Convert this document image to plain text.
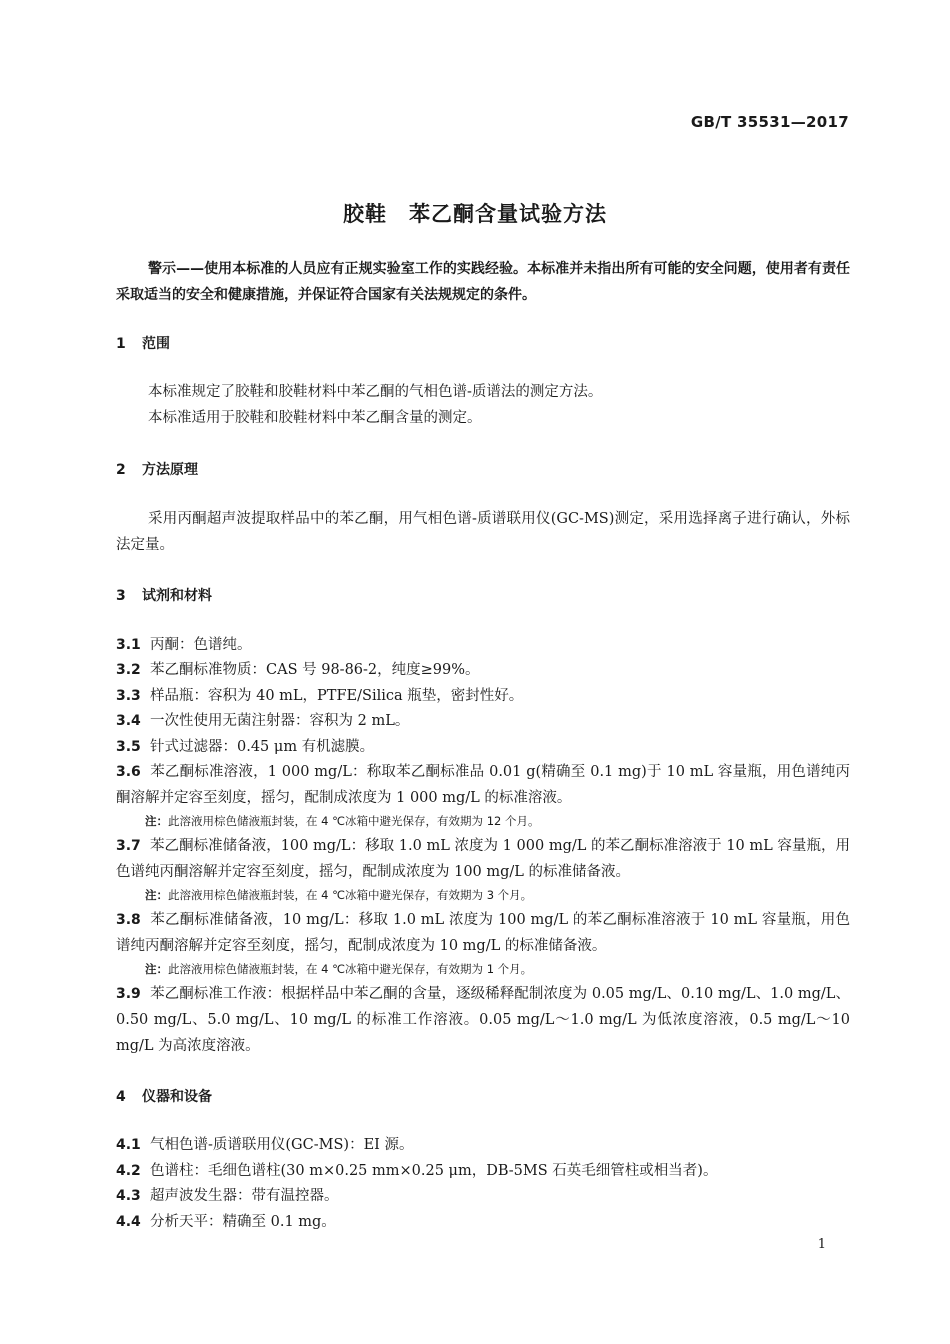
GB/T 35531—2017
胶鞋　苯乙酮含量试验方法
警示——使用本标准的人员应有正规实验室工作的实践经验。本标准并未指出所有可能的安全问题，使用者有责任采取适当的安全和健康措施，并保证符合国家有关法规规定的条件。
1 范围
本标准规定了胶鞋和胶鞋材料中苯乙酮的气相色谱-质谱法的测定方法。
本标准适用于胶鞋和胶鞋材料中苯乙酮含量的测定。
2 方法原理
采用丙酮超声波提取样品中的苯乙酮，用气相色谱-质谱联用仪(GC-MS)测定，采用选择离子进行确认，外标法定量。
3 试剂和材料
3.1 丙酮：色谱纯。
3.2 苯乙酮标准物质：CAS 号 98-86-2，纯度≥99%。
3.3 样品瓶：容积为 40 mL，PTFE/Silica 瓶垫，密封性好。
3.4 一次性使用无菌注射器：容积为 2 mL。
3.5 针式过滤器：0.45 μm 有机滤膜。
3.6 苯乙酮标准溶液，1 000 mg/L：称取苯乙酮标准品 0.01 g(精确至 0.1 mg)于 10 mL 容量瓶，用色谱纯丙酮溶解并定容至刻度，摇匀，配制成浓度为 1 000 mg/L 的标准溶液。
注：此溶液用棕色储液瓶封装，在 4 ℃冰箱中避光保存，有效期为 12 个月。
3.7 苯乙酮标准储备液，100 mg/L：移取 1.0 mL 浓度为 1 000 mg/L 的苯乙酮标准溶液于 10 mL 容量瓶，用色谱纯丙酮溶解并定容至刻度，摇匀，配制成浓度为 100 mg/L 的标准储备液。
注：此溶液用棕色储液瓶封装，在 4 ℃冰箱中避光保存，有效期为 3 个月。
3.8 苯乙酮标准储备液，10 mg/L：移取 1.0 mL 浓度为 100 mg/L 的苯乙酮标准溶液于 10 mL 容量瓶，用色谱纯丙酮溶解并定容至刻度，摇匀，配制成浓度为 10 mg/L 的标准储备液。
注：此溶液用棕色储液瓶封装，在 4 ℃冰箱中避光保存，有效期为 1 个月。
3.9 苯乙酮标准工作液：根据样品中苯乙酮的含量，逐级稀释配制浓度为 0.05 mg/L、0.10 mg/L、1.0 mg/L、0.50 mg/L、5.0 mg/L、10 mg/L 的标准工作溶液。0.05 mg/L～1.0 mg/L 为低浓度溶液，0.5 mg/L～10 mg/L 为高浓度溶液。
4 仪器和设备
4.1 气相色谱-质谱联用仪(GC-MS)：EI 源。
4.2 色谱柱：毛细色谱柱(30 m×0.25 mm×0.25 μm，DB-5MS 石英毛细管柱或相当者)。
4.3 超声波发生器：带有温控器。
4.4 分析天平：精确至 0.1 mg。
1
